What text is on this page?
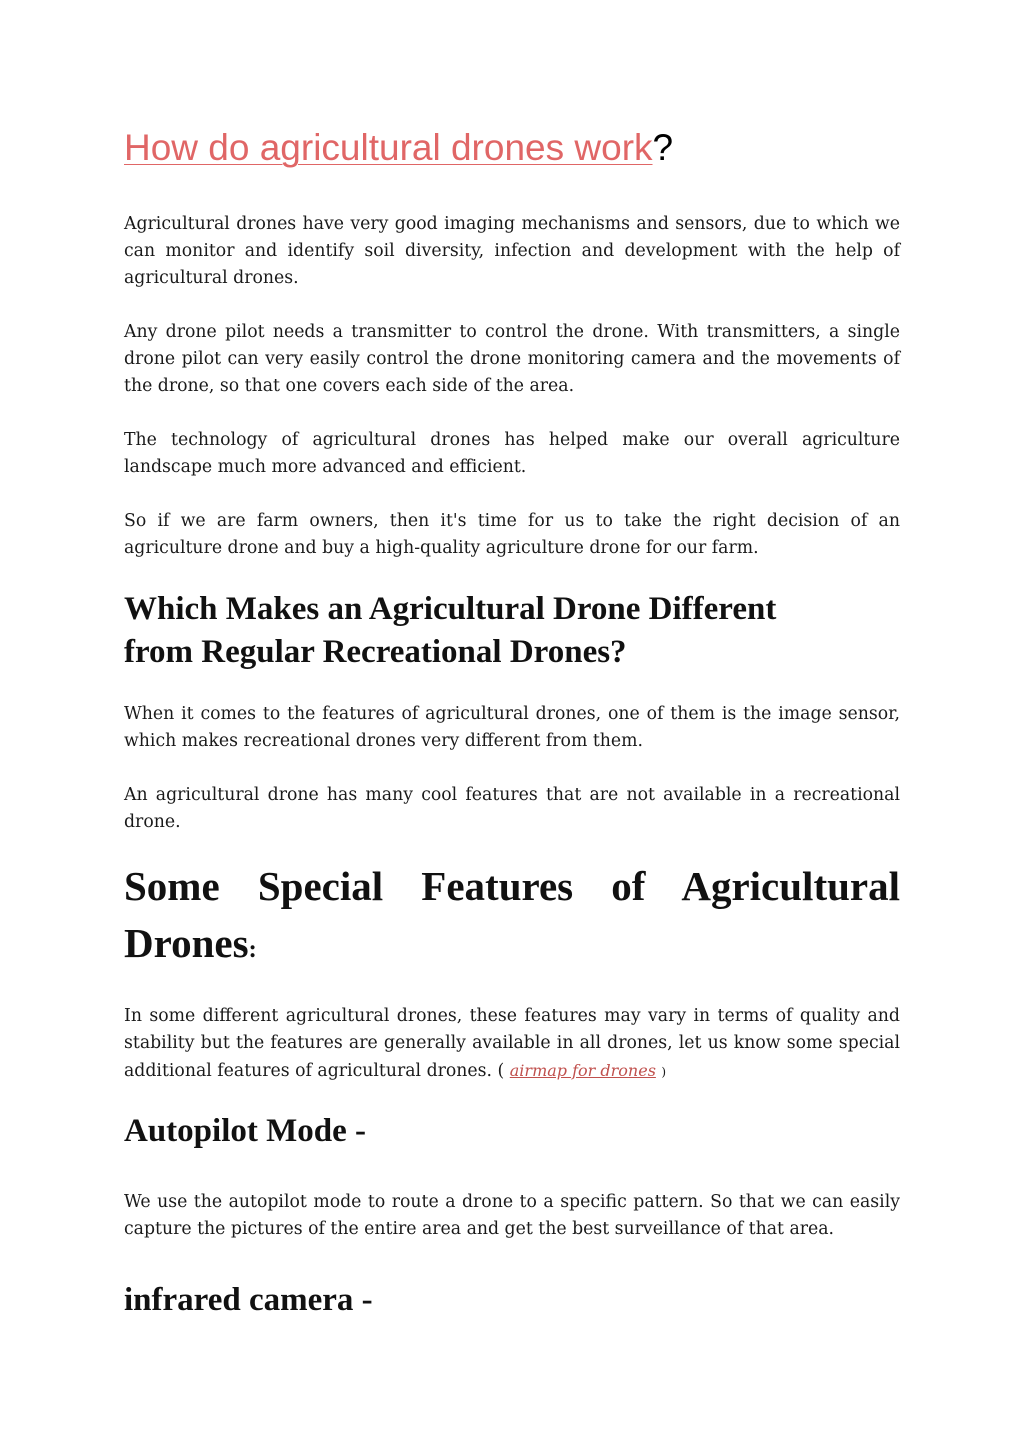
How do agricultural drones work?

Agricultural drones have very good imaging mechanisms and sensors, due to which we can monitor and identify soil diversity, infection and development with the help of agricultural drones.

Any drone pilot needs a transmitter to control the drone. With transmitters, a single drone pilot can very easily control the drone monitoring camera and the movements of the drone, so that one covers each side of the area.

The technology of agricultural drones has helped make our overall agriculture landscape much more advanced and efficient.

So if we are farm owners, then it's time for us to take the right decision of an agriculture drone and buy a high-quality agriculture drone for our farm.

Which Makes an Agricultural Drone Different
from Regular Recreational Drones?

When it comes to the features of agricultural drones, one of them is the image sensor, which makes recreational drones very different from them.

An agricultural drone has many cool features that are not available in a recreational drone.

Some Special Features of Agricultural
Drones:

In some different agricultural drones, these features may vary in terms of quality and stability but the features are generally available in all drones, let us know some special additional features of agricultural drones. ( airmap for drones )

Autopilot Mode -

We use the autopilot mode to route a drone to a specific pattern. So that we can easily capture the pictures of the entire area and get the best surveillance of that area.

infrared camera -
